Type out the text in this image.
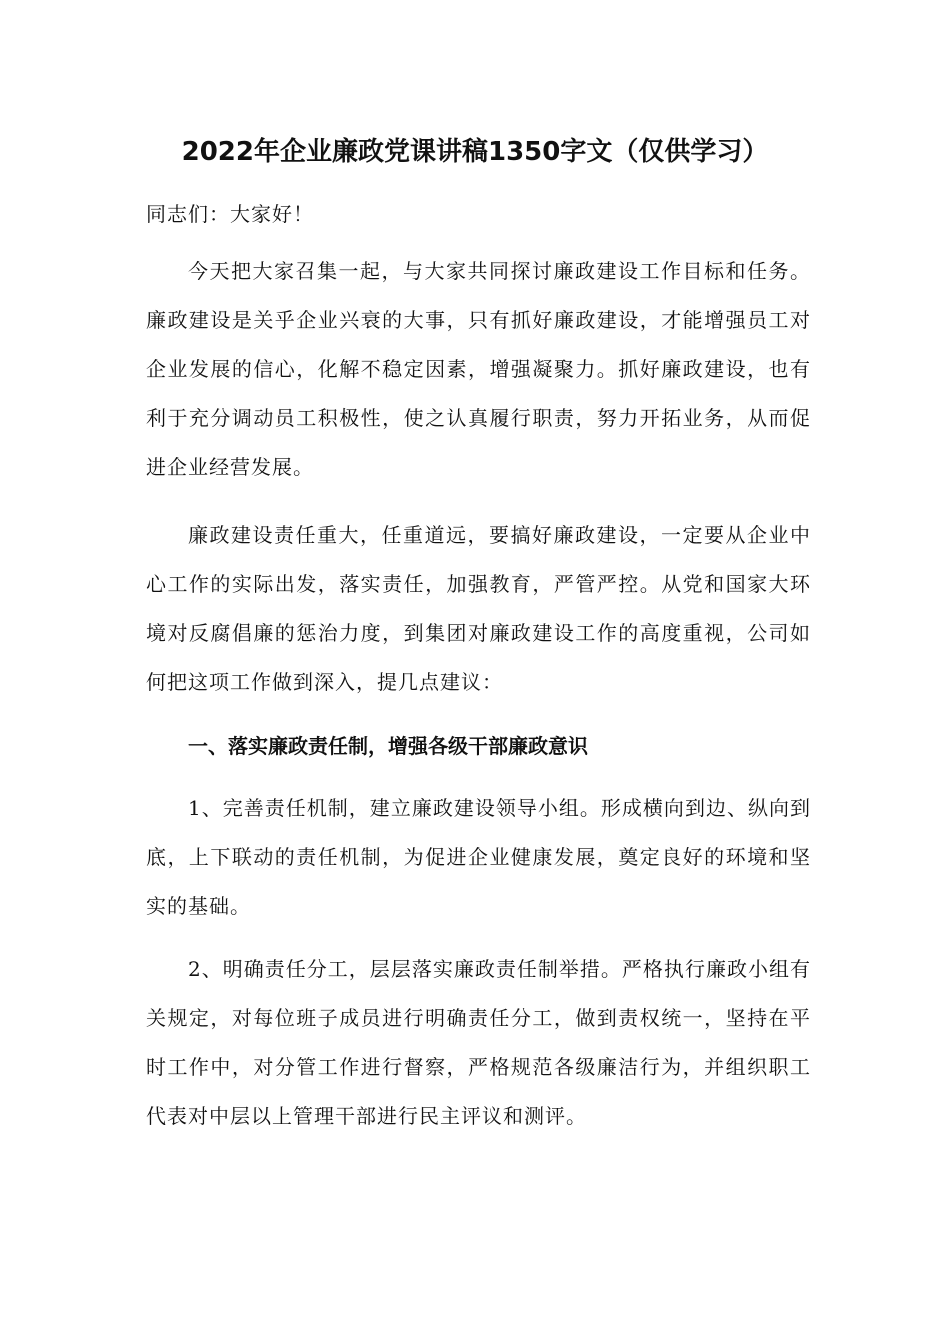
2022年企业廉政党课讲稿1350字文（仅供学习）

同志们：大家好！

今天把大家召集一起，与大家共同探讨廉政建设工作目标和任务。廉政建设是关乎企业兴衰的大事，只有抓好廉政建设，才能增强员工对企业发展的信心，化解不稳定因素，增强凝聚力。抓好廉政建设，也有利于充分调动员工积极性，使之认真履行职责，努力开拓业务，从而促进企业经营发展。

廉政建设责任重大，任重道远，要搞好廉政建设，一定要从企业中心工作的实际出发，落实责任，加强教育，严管严控。从党和国家大环境对反腐倡廉的惩治力度，到集团对廉政建设工作的高度重视，公司如何把这项工作做到深入，提几点建议：

一、落实廉政责任制，增强各级干部廉政意识

1、完善责任机制，建立廉政建设领导小组。形成横向到边、纵向到底，上下联动的责任机制，为促进企业健康发展，奠定良好的环境和坚实的基础。

2、明确责任分工，层层落实廉政责任制举措。严格执行廉政小组有关规定，对每位班子成员进行明确责任分工，做到责权统一，坚持在平时工作中，对分管工作进行督察，严格规范各级廉洁行为，并组织职工代表对中层以上管理干部进行民主评议和测评。
